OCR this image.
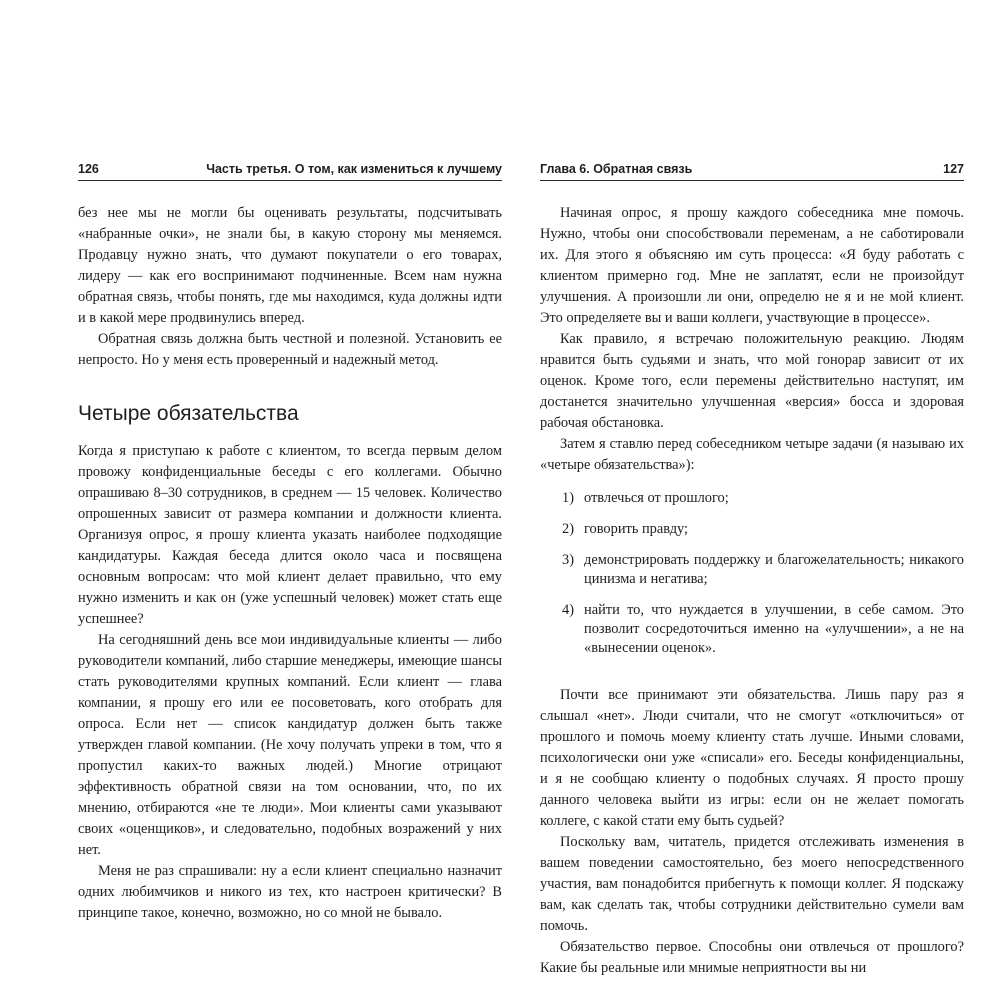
126	Часть третья. О том, как измениться к лучшему

без нее мы не могли бы оценивать результаты, подсчитывать «набранные очки», не знали бы, в какую сторону мы меняемся. Продавцу нужно знать, что думают покупатели о его товарах, лидеру — как его воспринимают подчиненные. Всем нам нужна обратная связь, чтобы понять, где мы находимся, куда должны идти и в какой мере продвинулись вперед.

Обратная связь должна быть честной и полезной. Установить ее непросто. Но у меня есть проверенный и надежный метод.

Четыре обязательства

Когда я приступаю к работе с клиентом, то всегда первым делом провожу конфиденциальные беседы с его коллегами. Обычно опрашиваю 8–30 сотрудников, в среднем — 15 человек. Количество опрошенных зависит от размера компании и должности клиента. Организуя опрос, я прошу клиента указать наиболее подходящие кандидатуры. Каждая беседа длится около часа и посвящена основным вопросам: что мой клиент делает правильно, что ему нужно изменить и как он (уже успешный человек) может стать еще успешнее?

На сегодняшний день все мои индивидуальные клиенты — либо руководители компаний, либо старшие менеджеры, имеющие шансы стать руководителями крупных компаний. Если клиент — глава компании, я прошу его или ее посоветовать, кого отобрать для опроса. Если нет — список кандидатур должен быть также утвержден главой компании. (Не хочу получать упреки в том, что я пропустил каких-то важных людей.) Многие отрицают эффективность обратной связи на том основании, что, по их мнению, отбираются «не те люди». Мои клиенты сами указывают своих «оценщиков», и следовательно, подобных возражений у них нет.

Меня не раз спрашивали: ну а если клиент специально назначит одних любимчиков и никого из тех, кто настроен критически? В принципе такое, конечно, возможно, но со мной не бывало.

Глава 6. Обратная связь	127

Начиная опрос, я прошу каждого собеседника мне помочь. Нужно, чтобы они способствовали переменам, а не саботировали их. Для этого я объясняю им суть процесса: «Я буду работать с клиентом примерно год. Мне не заплатят, если не произойдут улучшения. А произошли ли они, определю не я и не мой клиент. Это определяете вы и ваши коллеги, участвующие в процессе».

Как правило, я встречаю положительную реакцию. Людям нравится быть судьями и знать, что мой гонорар зависит от их оценок. Кроме того, если перемены действительно наступят, им достанется значительно улучшенная «версия» босса и здоровая рабочая обстановка.

Затем я ставлю перед собеседником четыре задачи (я называю их «четыре обязательства»):

1) отвлечься от прошлого;
2) говорить правду;
3) демонстрировать поддержку и благожелательность; никакого цинизма и негатива;
4) найти то, что нуждается в улучшении, в себе самом. Это позволит сосредоточиться именно на «улучшении», а не на «вынесении оценок».

Почти все принимают эти обязательства. Лишь пару раз я слышал «нет». Люди считали, что не смогут «отключиться» от прошлого и помочь моему клиенту стать лучше. Иными словами, психологически они уже «списали» его. Беседы конфиденциальны, и я не сообщаю клиенту о подобных случаях. Я просто прошу данного человека выйти из игры: если он не желает помогать коллеге, с какой стати ему быть судьей?

Поскольку вам, читатель, придется отслеживать изменения в вашем поведении самостоятельно, без моего непосредственного участия, вам понадобится прибегнуть к помощи коллег. Я подскажу вам, как сделать так, чтобы сотрудники действительно сумели вам помочь.

Обязательство первое. Способны они отвлечься от прошлого? Какие бы реальные или мнимые неприятности вы ни
